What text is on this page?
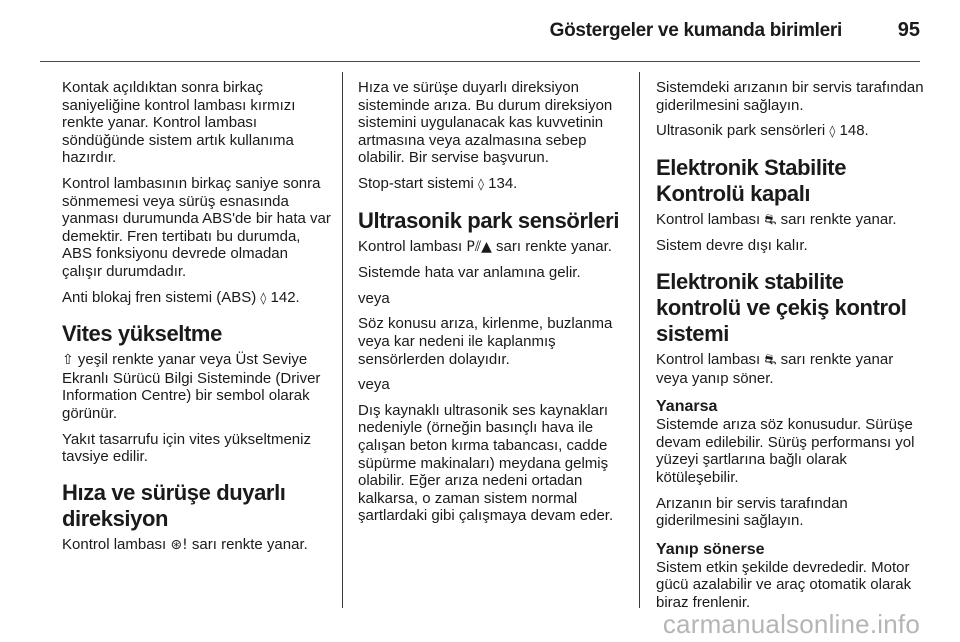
Göstergeler ve kumanda birimleri	95

Kontak açıldıktan sonra birkaç saniyeliğine kontrol lambası kırmızı renkte yanar. Kontrol lambası söndüğünde sistem artık kullanıma hazırdır.

Kontrol lambasının birkaç saniye sonra sönmemesi veya sürüş esnasında yanması durumunda ABS'de bir hata var demektir. Fren tertibatı bu durumda, ABS fonksiyonu devrede olmadan çalışır durumdadır.

Anti blokaj fren sistemi (ABS) ◊ 142.

Vites yükseltme

⇧ yeşil renkte yanar veya Üst Seviye Ekranlı Sürücü Bilgi Sisteminde (Driver Information Centre) bir sembol olarak görünür.

Yakıt tasarrufu için vites yükseltmeniz tavsiye edilir.

Hıza ve sürüşe duyarlı direksiyon

Kontrol lambası ⊛! sarı renkte yanar.

Hıza ve sürüşe duyarlı direksiyon sisteminde arıza. Bu durum direksiyon sistemini uygulanacak kas kuvvetinin artmasına veya azalmasına sebep olabilir. Bir servise başvurun.

Stop-start sistemi ◊ 134.

Ultrasonik park sensörleri

Kontrol lambası P⫽▲ sarı renkte yanar.

Sistemde hata var anlamına gelir.

veya

Söz konusu arıza, kirlenme, buzlanma veya kar nedeni ile kaplanmış sensörlerden dolayıdır.

veya

Dış kaynaklı ultrasonik ses kaynakları nedeniyle (örneğin basınçlı hava ile çalışan beton kırma tabancası, cadde süpürme makinaları) meydana gelmiş olabilir. Eğer arıza nedeni ortadan kalkarsa, o zaman sistem normal şartlardaki gibi çalışmaya devam eder.

Sistemdeki arızanın bir servis tarafından giderilmesini sağlayın.

Ultrasonik park sensörleri ◊ 148.

Elektronik Stabilite Kontrolü kapalı

Kontrol lambası ⛐ sarı renkte yanar.

Sistem devre dışı kalır.

Elektronik stabilite kontrolü ve çekiş kontrol sistemi

Kontrol lambası ⛐ sarı renkte yanar veya yanıp söner.

Yanarsa

Sistemde arıza söz konusudur. Sürüşe devam edilebilir. Sürüş performansı yol yüzeyi şartlarına bağlı olarak kötüleşebilir.

Arızanın bir servis tarafından giderilmesini sağlayın.

Yanıp sönerse

Sistem etkin şekilde devrededir. Motor gücü azalabilir ve araç otomatik olarak biraz frenlenir.

carmanualsonline.info
